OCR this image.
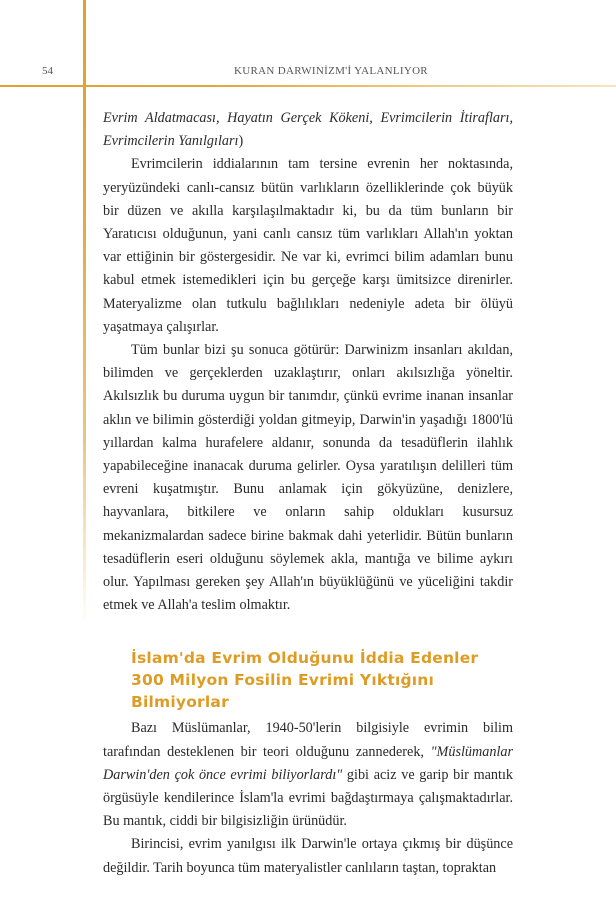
54	KURAN DARWINİZM'İ YALANLIYOR

Evrim Aldatmacası, Hayatın Gerçek Kökeni, Evrimcilerin İtirafları, Evrimcilerin Yanılgıları)

Evrimcilerin iddialarının tam tersine evrenin her noktasında, yeryüzündeki canlı-cansız bütün varlıkların özelliklerinde çok büyük bir düzen ve akılla karşılaşılmaktadır ki, bu da tüm bunların bir Yaratıcısı olduğunun, yani canlı cansız tüm varlıkları Allah'ın yoktan var ettiğinin bir göstergesidir. Ne var ki, evrimci bilim adamları bunu kabul etmek istemedikleri için bu gerçeğe karşı ümitsizce direnirler. Materyalizme olan tutkulu bağlılıkları nedeniyle adeta bir ölüyü yaşatmaya çalışırlar.

Tüm bunlar bizi şu sonuca götürür: Darwinizm insanları akıldan, bilimden ve gerçeklerden uzaklaştırır, onları akılsızlığa yöneltir. Akılsızlık bu duruma uygun bir tanımdır, çünkü evrime inanan insanlar aklın ve bilimin gösterdiği yoldan gitmeyip, Darwin'in yaşadığı 1800'lü yıllardan kalma hurafelere aldanır, sonunda da tesadüflerin ilahlık yapabileceğine inanacak duruma gelirler. Oysa yaratılışın delilleri tüm evreni kuşatmıştır. Bunu anlamak için gökyüzüne, denizlere, hayvanlara, bitkilere ve onların sahip oldukları kusursuz mekanizmalardan sadece birine bakmak dahi yeterlidir. Bütün bunların tesadüflerin eseri olduğunu söylemek akla, mantığa ve bilime aykırı olur. Yapılması gereken şey Allah'ın büyüklüğünü ve yüceliğini takdir etmek ve Allah'a teslim olmaktır.

İslam'da Evrim Olduğunu İddia Edenler 300 Milyon Fosilin Evrimi Yıktığını Bilmiyorlar

Bazı Müslümanlar, 1940-50'lerin bilgisiyle evrimin bilim tarafından desteklenen bir teori olduğunu zannederek, "Müslümanlar Darwin'den çok önce evrimi biliyorlardı" gibi aciz ve garip bir mantık örgüsüyle kendilerince İslam'la evrimi bağdaştırmaya çalışmaktadırlar. Bu mantık, ciddi bir bilgisizliğin ürünüdür.

Birincisi, evrim yanılgısı ilk Darwin'le ortaya çıkmış bir düşünce değildir. Tarih boyunca tüm materyalistler canlıların taştan, topraktan
